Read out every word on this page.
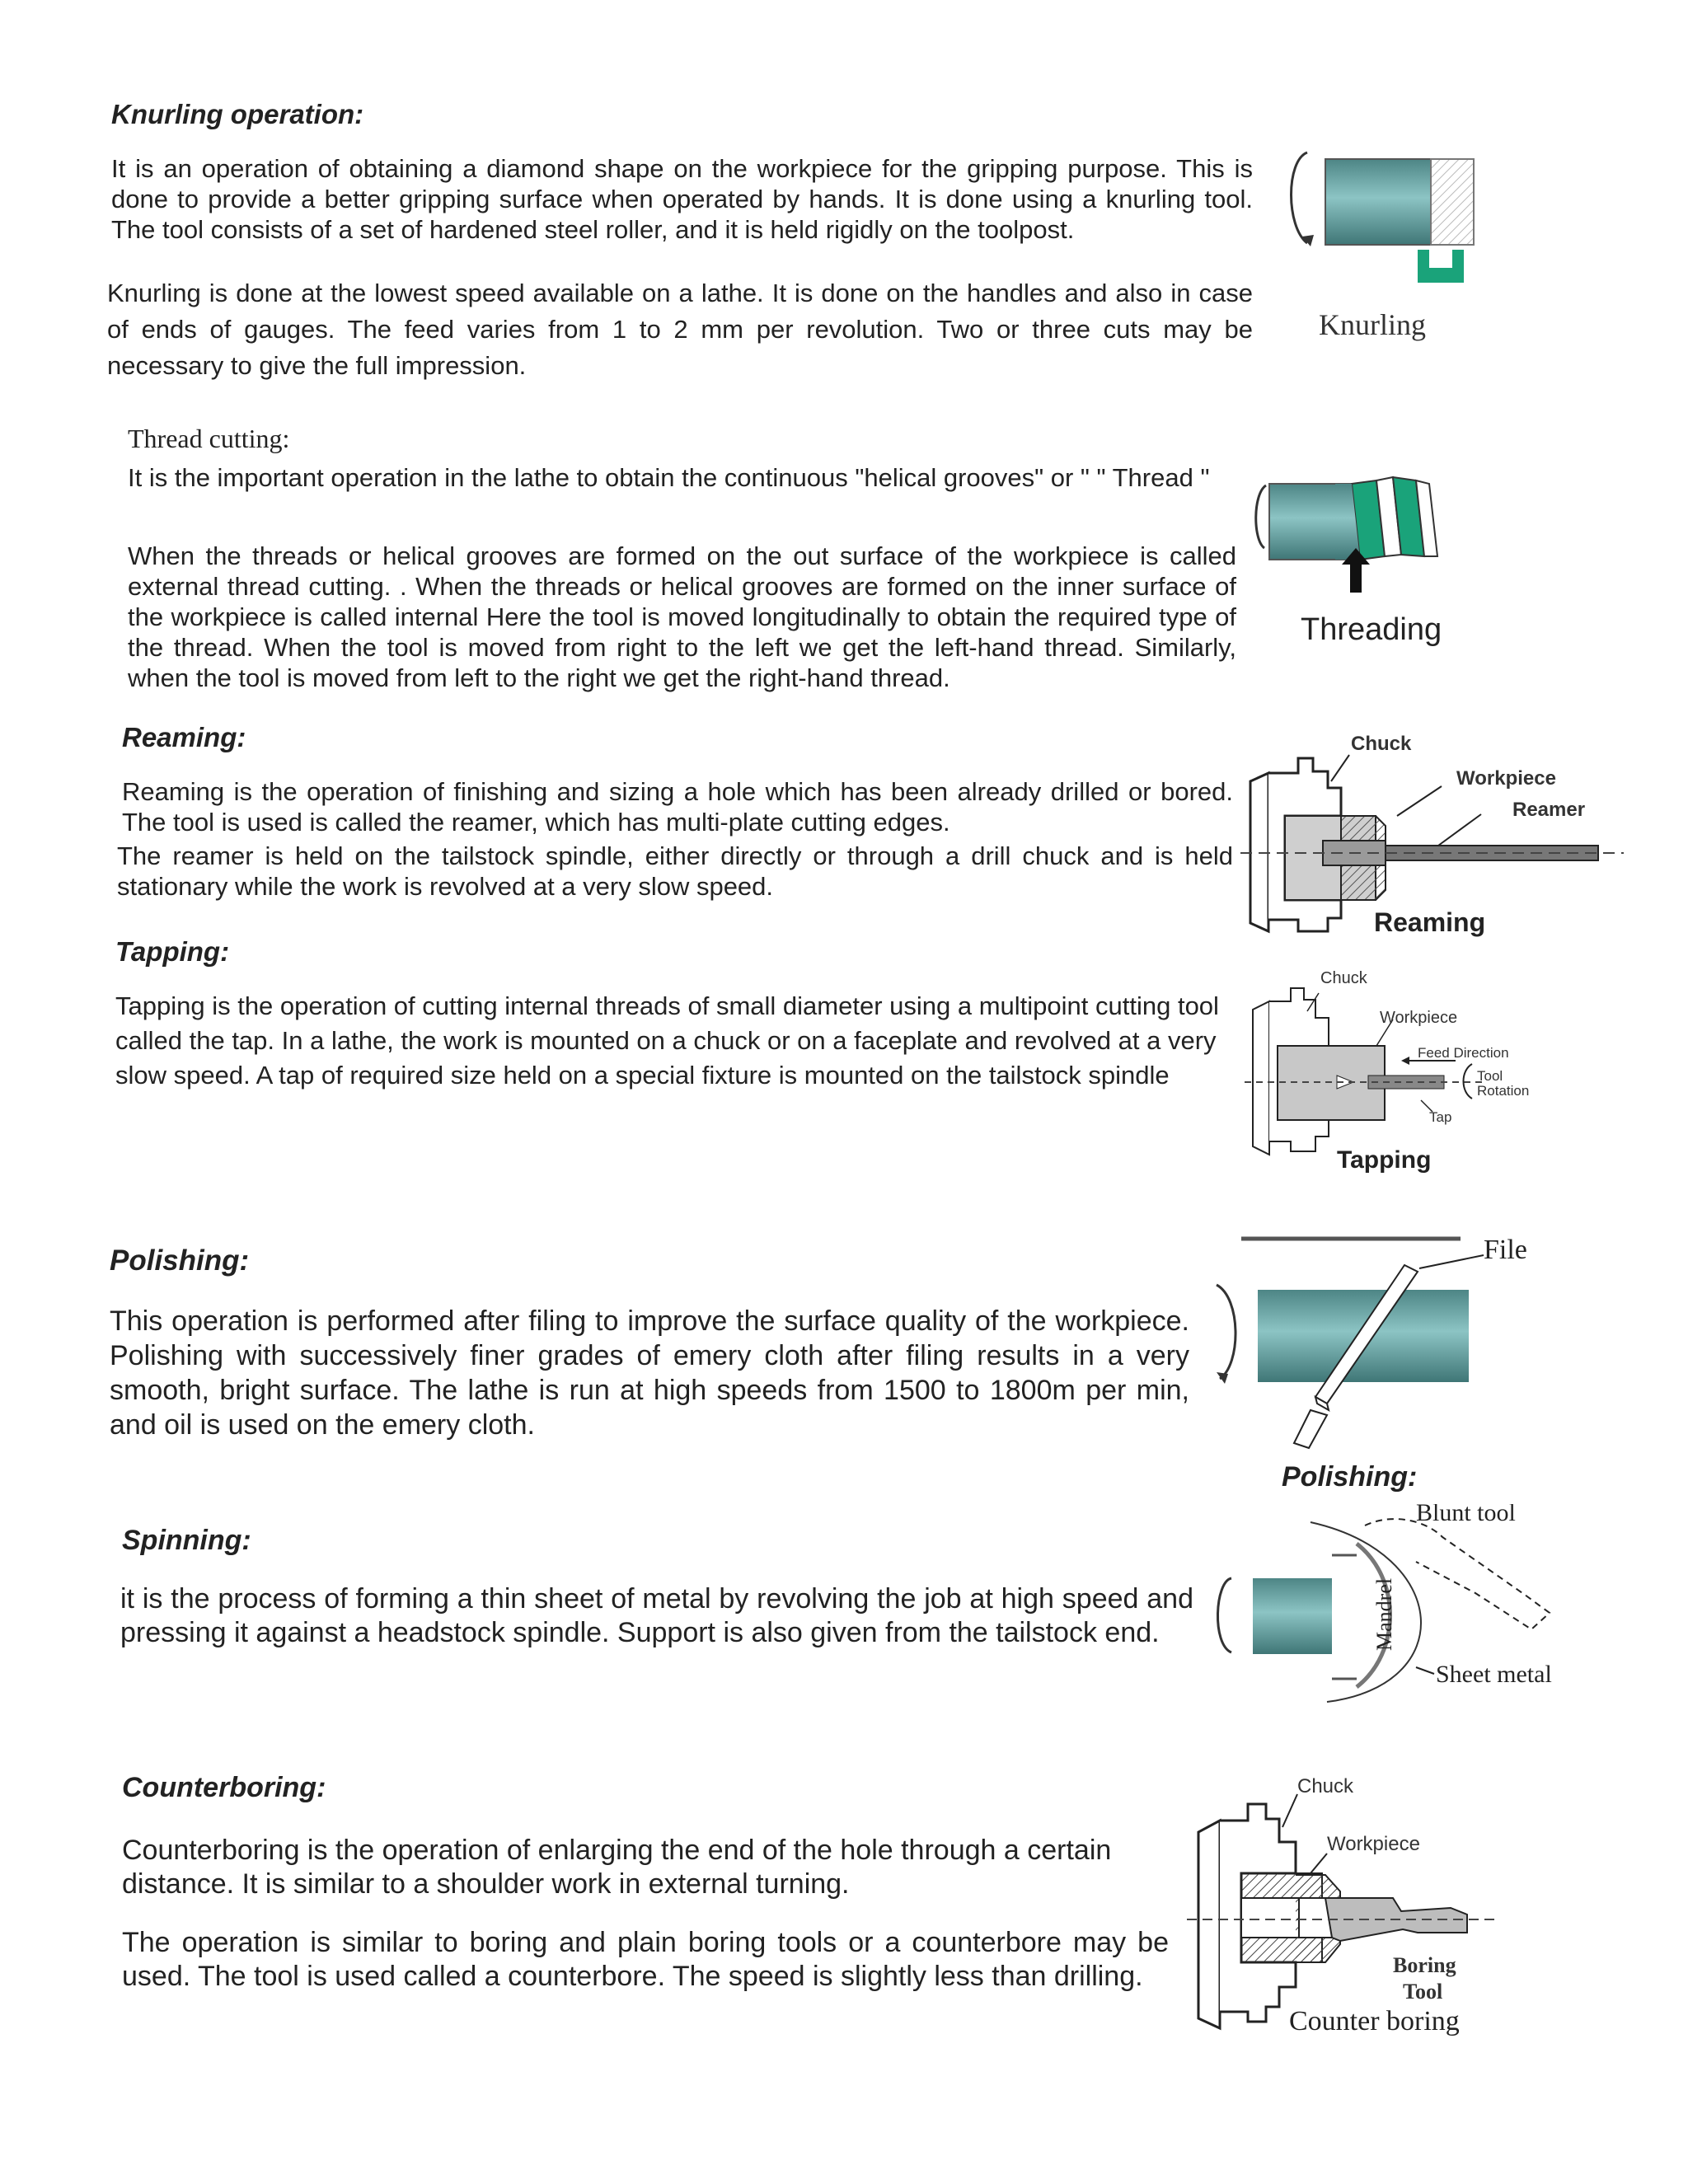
Knurling operation:

It is an operation of obtaining a diamond shape on the workpiece for the gripping purpose. This is done to provide a better gripping surface when operated by hands. It is done using a knurling tool. The tool consists of a set of hardened steel roller, and it is held rigidly on the toolpost.

Knurling is done at the lowest speed available on a lathe. It is done on the handles and also in case of ends of gauges. The feed varies from 1 to 2 mm per revolution. Two or three cuts may be necessary to give the full impression.

Knurling
Thread cutting:

It is the important operation in the lathe to obtain the continuous "helical grooves" or " " Thread "

When the threads or helical grooves are formed on the out surface of the workpiece is called external thread cutting. . When the threads or helical grooves are formed on the inner surface of the workpiece is called internal Here the tool is moved longitudinally to obtain the required type of the thread. When the tool is moved from right to the left we get the left-hand thread. Similarly, when the tool is moved from left to the right we get the right-hand thread.

Threading
Reaming:

Reaming is the operation of finishing and sizing a hole which has been already drilled or bored. The tool is used is called the reamer, which has multi-plate cutting edges.

The reamer is held on the tailstock spindle, either directly or through a drill chuck and is held stationary while the work is revolved at a very slow speed.

Chuck
Workpiece
Reamer
Reaming
Tapping:

Tapping is the operation of cutting internal threads of small diameter using a multipoint cutting tool called the tap. In a lathe, the work is mounted on a chuck or on a faceplate and revolved at a very slow speed. A tap of required size held on a special fixture is mounted on the tailstock spindle

Chuck
Workpiece
Feed Direction
Tool
Rotation
Tap
Tapping
Polishing:

This operation is performed after filing to improve the surface quality of the workpiece. Polishing with successively finer grades of emery cloth after filing results in a very smooth, bright surface. The lathe is run at high speeds from 1500 to 1800m per min, and oil is used on the emery cloth.

File
Polishing:
Spinning:

it is the process of forming a thin sheet of metal by revolving the job at high speed and pressing it against a headstock spindle. Support is also given from the tailstock end.

Blunt tool
Mandrel
Sheet metal
Counterboring:

Counterboring is the operation of enlarging the end of the hole through a certain distance. It is similar to a shoulder work in external turning.

The operation is similar to boring and plain boring tools or a counterbore may be used. The tool is used called a counterbore. The speed is slightly less than drilling.

Chuck
Workpiece
Boring
Tool
Counter boring
